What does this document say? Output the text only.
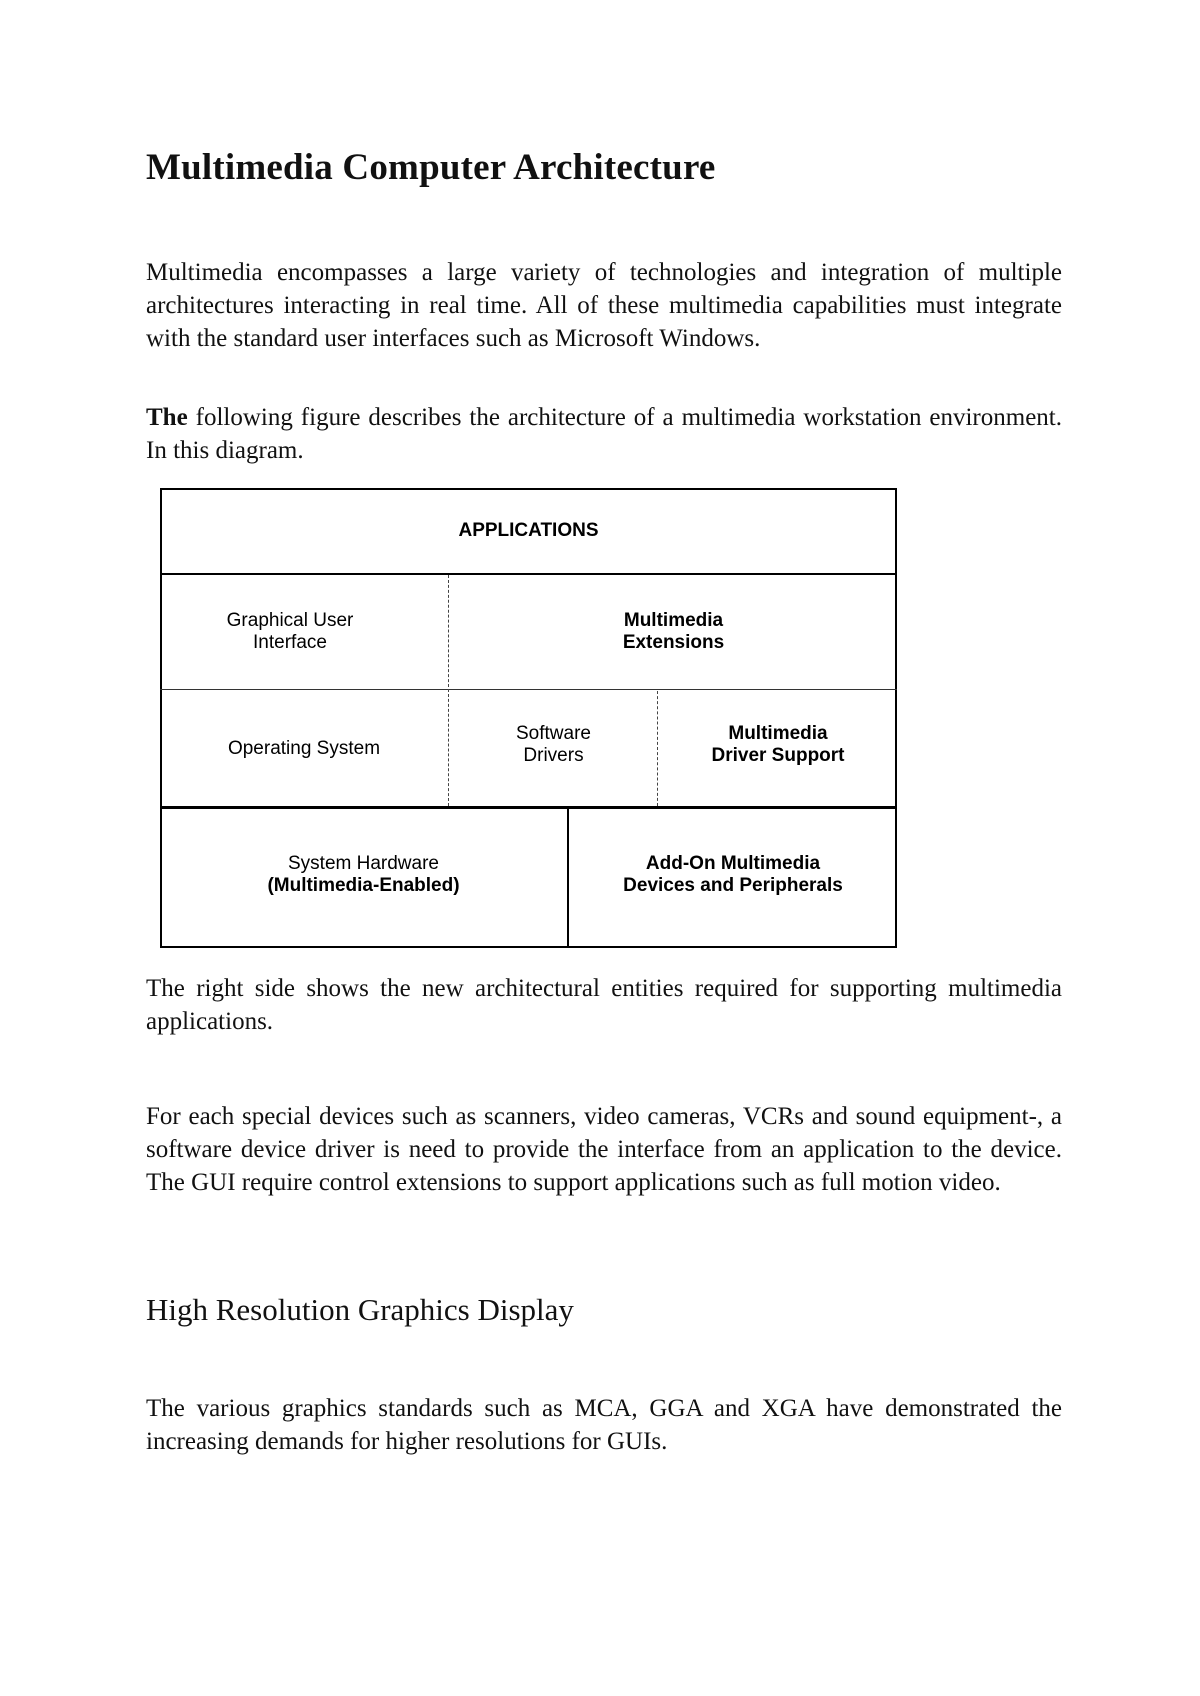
Multimedia Computer Architecture

Multimedia encompasses a large variety of technologies and integration of multiple architectures interacting in real time. All of these multimedia capabilities must integrate with the standard user interfaces such as Microsoft Windows.

The following figure describes the architecture of a multimedia workstation environment. In this diagram.

APPLICATIONS
Graphical User
Interface
Multimedia
Extensions
Operating System
Software
Drivers
Multimedia
Driver Support
System Hardware
(Multimedia-Enabled)
Add-On Multimedia
Devices and Peripherals

The right side shows the new architectural entities required for supporting multimedia applications.

For each special devices such as scanners, video cameras, VCRs and sound equipment-, a software device driver is need to provide the interface from an application to the device. The GUI require control extensions to support applications such as full motion video.

High Resolution Graphics Display

The various graphics standards such as MCA, GGA and XGA have demonstrated the increasing demands for higher resolutions for GUIs.
